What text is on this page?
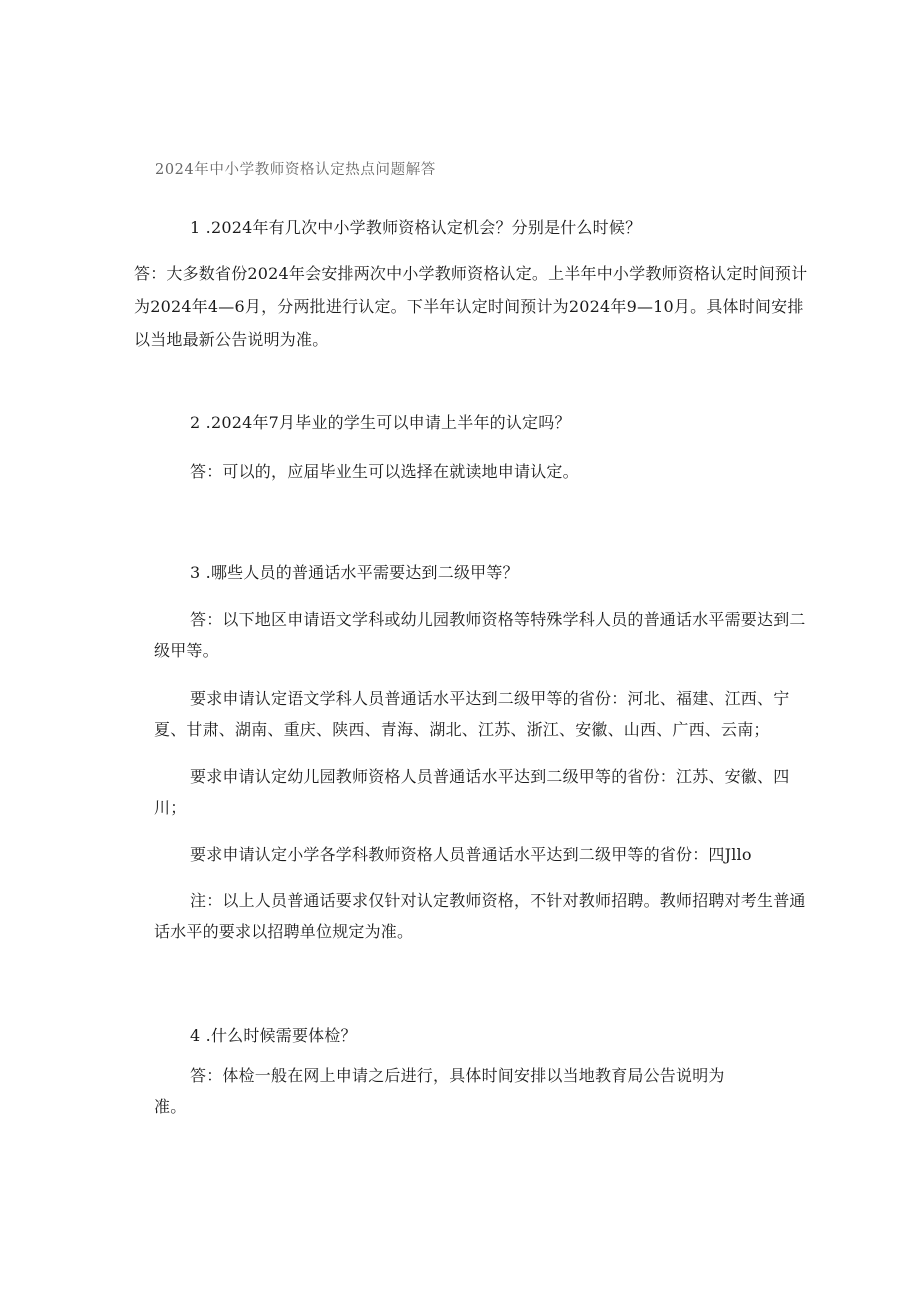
2024年中小学教师资格认定热点问题解答
1 .2024年有几次中小学教师资格认定机会？分别是什么时候？
答：大多数省份2024年会安排两次中小学教师资格认定。上半年中小学教师资格认定时间预计
为2024年4—6月，分两批进行认定。下半年认定时间预计为2024年9—10月。具体时间安排
以当地最新公告说明为准。
2 .2024年7月毕业的学生可以申请上半年的认定吗？
答：可以的，应届毕业生可以选择在就读地申请认定。
3 .哪些人员的普通话水平需要达到二级甲等？
答：以下地区申请语文学科或幼儿园教师资格等特殊学科人员的普通话水平需要达到二
级甲等。
要求申请认定语文学科人员普通话水平达到二级甲等的省份：河北、福建、江西、宁
夏、甘肃、湖南、重庆、陕西、青海、湖北、江苏、浙江、安徽、山西、广西、云南；
要求申请认定幼儿园教师资格人员普通话水平达到二级甲等的省份：江苏、安徽、四
川；
要求申请认定小学各学科教师资格人员普通话水平达到二级甲等的省份：四Jllo
注：以上人员普通话要求仅针对认定教师资格，不针对教师招聘。教师招聘对考生普通
话水平的要求以招聘单位规定为准。
4 .什么时候需要体检？
答：体检一般在网上申请之后进行，具体时间安排以当地教育局公告说明为
准。
